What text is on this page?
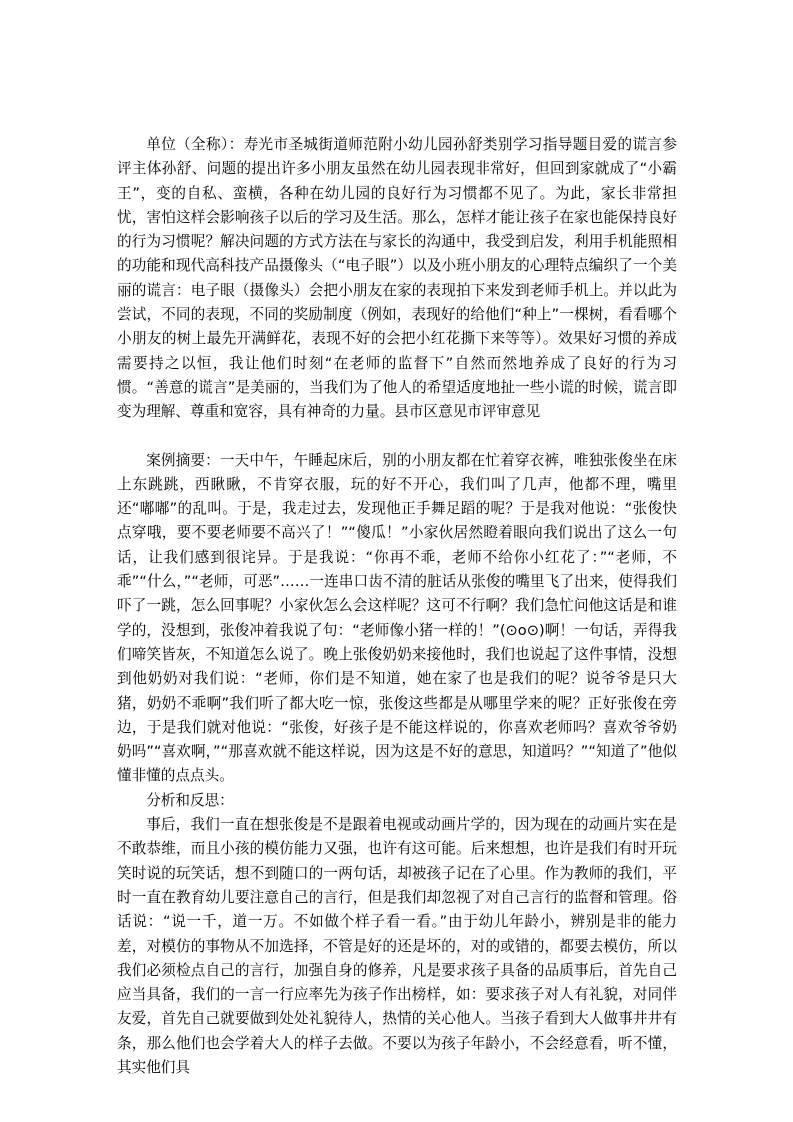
单位（全称）：寿光市圣城街道师范附小幼儿园孙舒类别学习指导题目爱的谎言参评主体孙舒、问题的提出许多小朋友虽然在幼儿园表现非常好，但回到家就成了“小霸王”，变的自私、蛮横，各种在幼儿园的良好行为习惯都不见了。为此，家长非常担忧，害怕这样会影响孩子以后的学习及生活。那么，怎样才能让孩子在家也能保持良好的行为习惯呢？解决问题的方式方法在与家长的沟通中，我受到启发，利用手机能照相的功能和现代高科技产品摄像头（“电子眼”）以及小班小朋友的心理特点编织了一个美丽的谎言：电子眼（摄像头）会把小朋友在家的表现拍下来发到老师手机上。并以此为尝试，不同的表现，不同的奖励制度（例如，表现好的给他们“种上”一棵树，看看哪个小朋友的树上最先开满鲜花，表现不好的会把小红花撕下来等等）。效果好习惯的养成需要持之以恒，我让他们时刻“在老师的监督下”自然而然地养成了良好的行为习惯。“善意的谎言”是美丽的，当我们为了他人的希望适度地扯一些小谎的时候，谎言即变为理解、尊重和宽容，具有神奇的力量。县市区意见市评审意见

案例摘要：一天中午，午睡起床后，别的小朋友都在忙着穿衣裤，唯独张俊坐在床上东跳跳，西瞅瞅，不肯穿衣服，玩的好不开心，我们叫了几声，他都不理，嘴里还“嘟嘟”的乱叫。于是，我走过去，发现他正手舞足蹈的呢？于是我对他说：“张俊快点穿哦，要不要老师要不高兴了！”“傻瓜！”小家伙居然瞪着眼向我们说出了这么一句话，让我们感到很诧异。于是我说：“你再不乖，老师不给你小红花了：”“老师，不乖”“什么，”“老师，可恶”……一连串口齿不清的脏话从张俊的嘴里飞了出来，使得我们吓了一跳，怎么回事呢？小家伙怎么会这样呢？这可不行啊？我们急忙问他这话是和谁学的，没想到，张俊冲着我说了句：“老师像小猪一样的！”(⊙o⊙)啊！一句话，弄得我们啼笑皆灰，不知道怎么说了。晚上张俊奶奶来接他时，我们也说起了这件事情，没想到他奶奶对我们说：“老师，你们是不知道，她在家了也是我们的呢？说爷爷是只大猪，奶奶不乖啊”我们听了都大吃一惊，张俊这些都是从哪里学来的呢？正好张俊在旁边，于是我们就对他说：“张俊，好孩子是不能这样说的，你喜欢老师吗？喜欢爷爷奶奶吗”“喜欢啊，”“那喜欢就不能这样说，因为这是不好的意思，知道吗？”“知道了”他似懂非懂的点点头。

分析和反思：

事后，我们一直在想张俊是不是跟着电视或动画片学的，因为现在的动画片实在是不敢恭维，而且小孩的模仿能力又强，也许有这可能。后来想想，也许是我们有时开玩笑时说的玩笑话，想不到随口的一两句话，却被孩子记在了心里。作为教师的我们，平时一直在教育幼儿要注意自己的言行，但是我们却忽视了对自己言行的监督和管理。俗话说：“说一千，道一万。不如做个样子看一看。”由于幼儿年龄小，辨别是非的能力差，对模仿的事物从不加选择，不管是好的还是坏的，对的或错的，都要去模仿，所以我们必须检点自己的言行，加强自身的修养，凡是要求孩子具备的品质事后，首先自己应当具备，我们的一言一行应率先为孩子作出榜样，如：要求孩子对人有礼貌，对同伴友爱，首先自己就要做到处处礼貌待人，热情的关心他人。当孩子看到大人做事井井有条，那么他们也会学着大人的样子去做。不要以为孩子年龄小，不会经意看，听不懂，其实他们具
